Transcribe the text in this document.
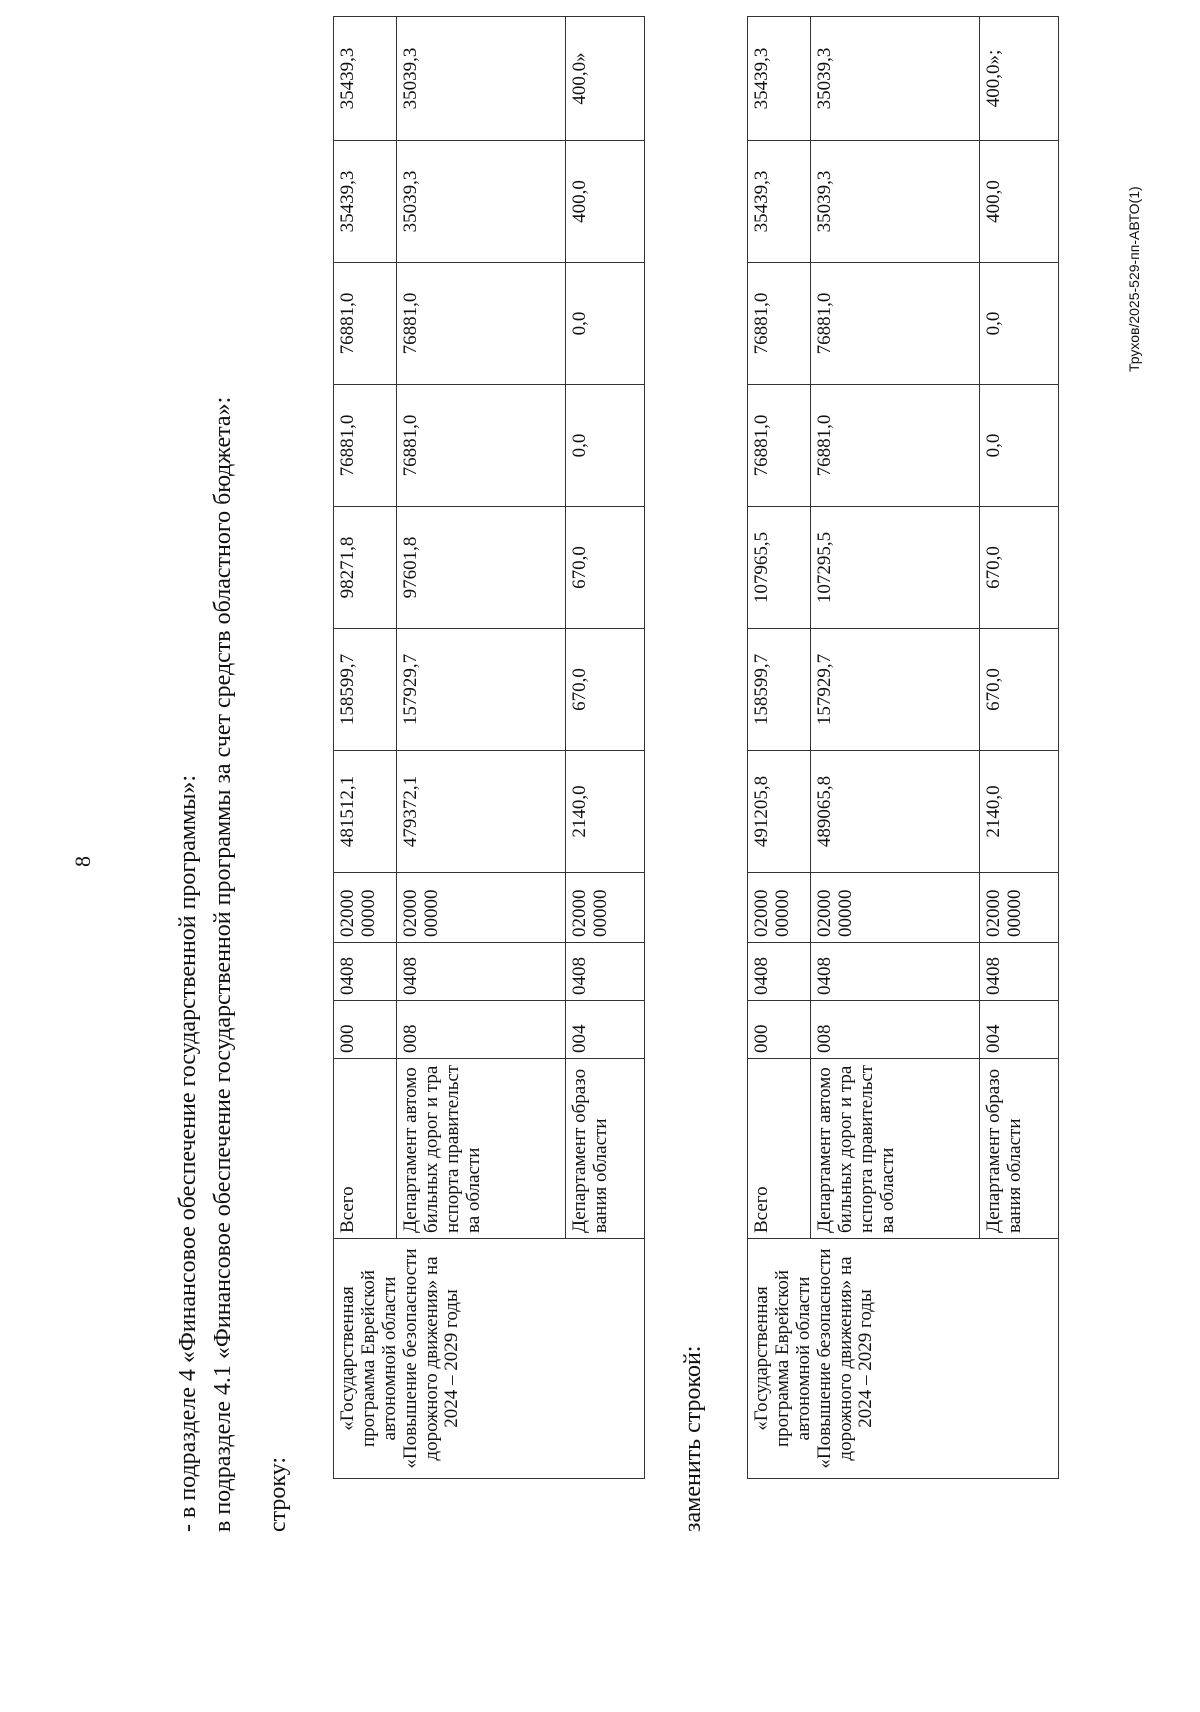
8	- в подразделе 4 «Финансовое обеспечение государственной программы»: в подразделе 4.1 «Финансовое обеспечение государственной программы за счет средств областного бюджета»: строку:
«Государственная программа Еврейской автономной области «Повышение безопасности дорожного движения» на 2024 – 2029 годы	Всего	000	0408	02000 00000	481512,1	158599,7	98271,8	76881,0	76881,0	35439,3	35439,3
	Департамент автомобильных дорог и транспорта правительства области	008	0408	02000 00000	479372,1	157929,7	97601,8	76881,0	76881,0	35039,3	35039,3
	Департамент образования области	004	0408	02000 00000	2140,0	670,0	670,0	0,0	0,0	400,0	400,0»
заменить строкой: «Государственная программа Еврейской автономной области «Повышение безопасности дорожного движения» на 2024 – 2029 годы	Всего	000	0408	02000 00000	491205,8	158599,7	107965,5	76881,0	76881,0	35439,3	35439,3
	Департамент автомобильных дорог и транспорта правительства области	008	0408	02000 00000	489065,8	157929,7	107295,5	76881,0	76881,0	35039,3	35039,3
	Департамент образования области	004	0408	02000 00000	2140,0	670,0	670,0	0,0	0,0	400,0	400,0»;
Трухов/2025-529-пп-АВТО(1)
